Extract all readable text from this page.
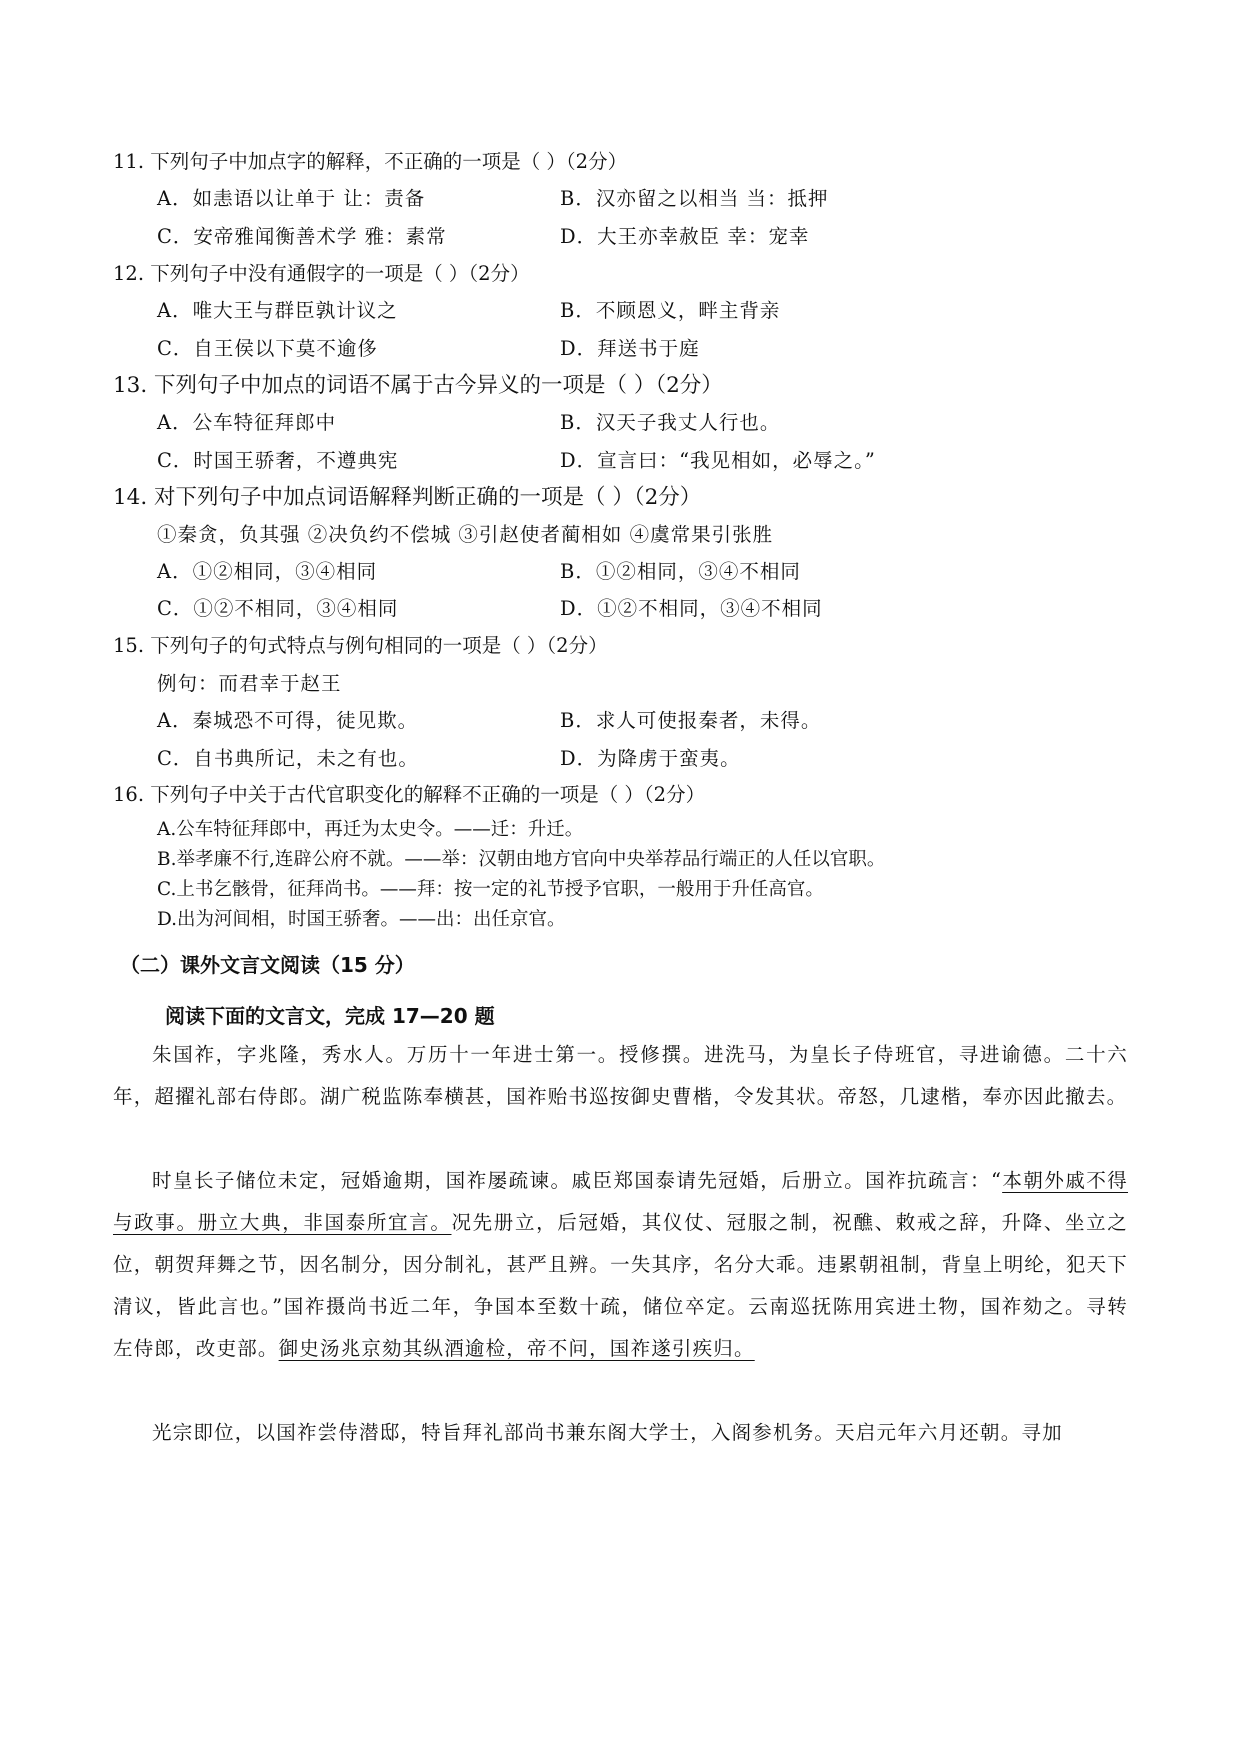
11. 下列句子中加点字的解释，不正确的一项是（ ）（2分）
A．如恚语以让单于 让：责备	B．汉亦留之以相当 当：抵押
C．安帝雅闻衡善术学 雅：素常	D．大王亦幸赦臣 幸：宠幸
12. 下列句子中没有通假字的一项是（ ）（2分）
A．唯大王与群臣孰计议之	B．不顾恩义，畔主背亲
C．自王侯以下莫不逾侈	D．拜送书于庭
13. 下列句子中加点的词语不属于古今异义的一项是（ ）（2分）
A．公车特征拜郎中	B．汉天子我丈人行也。
C．时国王骄奢，不遵典宪	D．宣言曰：“我见相如，必辱之。”
14. 对下列句子中加点词语解释判断正确的一项是（ ）（2分）
①秦贪，负其强 ②决负约不偿城 ③引赵使者蔺相如 ④虞常果引张胜
A．①②相同，③④相同	B．①②相同，③④不相同
C．①②不相同，③④相同	D．①②不相同，③④不相同
15. 下列句子的句式特点与例句相同的一项是（ ）（2分）
例句：而君幸于赵王
A．秦城恐不可得，徒见欺。	B．求人可使报秦者，未得。
C．自书典所记，未之有也。	D．为降虏于蛮夷。
16. 下列句子中关于古代官职变化的解释不正确的一项是（ ）（2分）
A.公车特征拜郎中，再迁为太史令。——迁：升迁。
B.举孝廉不行,连辟公府不就。——举：汉朝由地方官向中央举荐品行端正的人任以官职。
C.上书乞骸骨，征拜尚书。——拜：按一定的礼节授予官职，一般用于升任高官。
D.出为河间相，时国王骄奢。——出：出任京官。
（二）课外文言文阅读（15 分）
阅读下面的文言文，完成 17—20 题
朱国祚，字兆隆，秀水人。万历十一年进士第一。授修撰。进洗马，为皇长子侍班官，寻进谕德。二十六年，超擢礼部右侍郎。湖广税监陈奉横甚，国祚贻书巡按御史曹楷，令发其状。帝怒，几逮楷，奉亦因此撤去。
时皇长子储位未定，冠婚逾期，国祚屡疏谏。戚臣郑国泰请先冠婚，后册立。国祚抗疏言：“本朝外戚不得与政事。册立大典，非国泰所宜言。况先册立，后冠婚，其仪仗、冠服之制，祝醮、敕戒之辞，升降、坐立之位，朝贺拜舞之节，因名制分，因分制礼，甚严且辨。一失其序，名分大乖。违累朝祖制，背皇上明纶，犯天下清议，皆此言也。”国祚摄尚书近二年，争国本至数十疏，储位卒定。云南巡抚陈用宾进土物，国祚劾之。寻转左侍郎，改吏部。御史汤兆京劾其纵酒逾检，帝不问，国祚遂引疾归。
光宗即位，以国祚尝侍潜邸，特旨拜礼部尚书兼东阁大学士，入阁参机务。天启元年六月还朝。寻加
